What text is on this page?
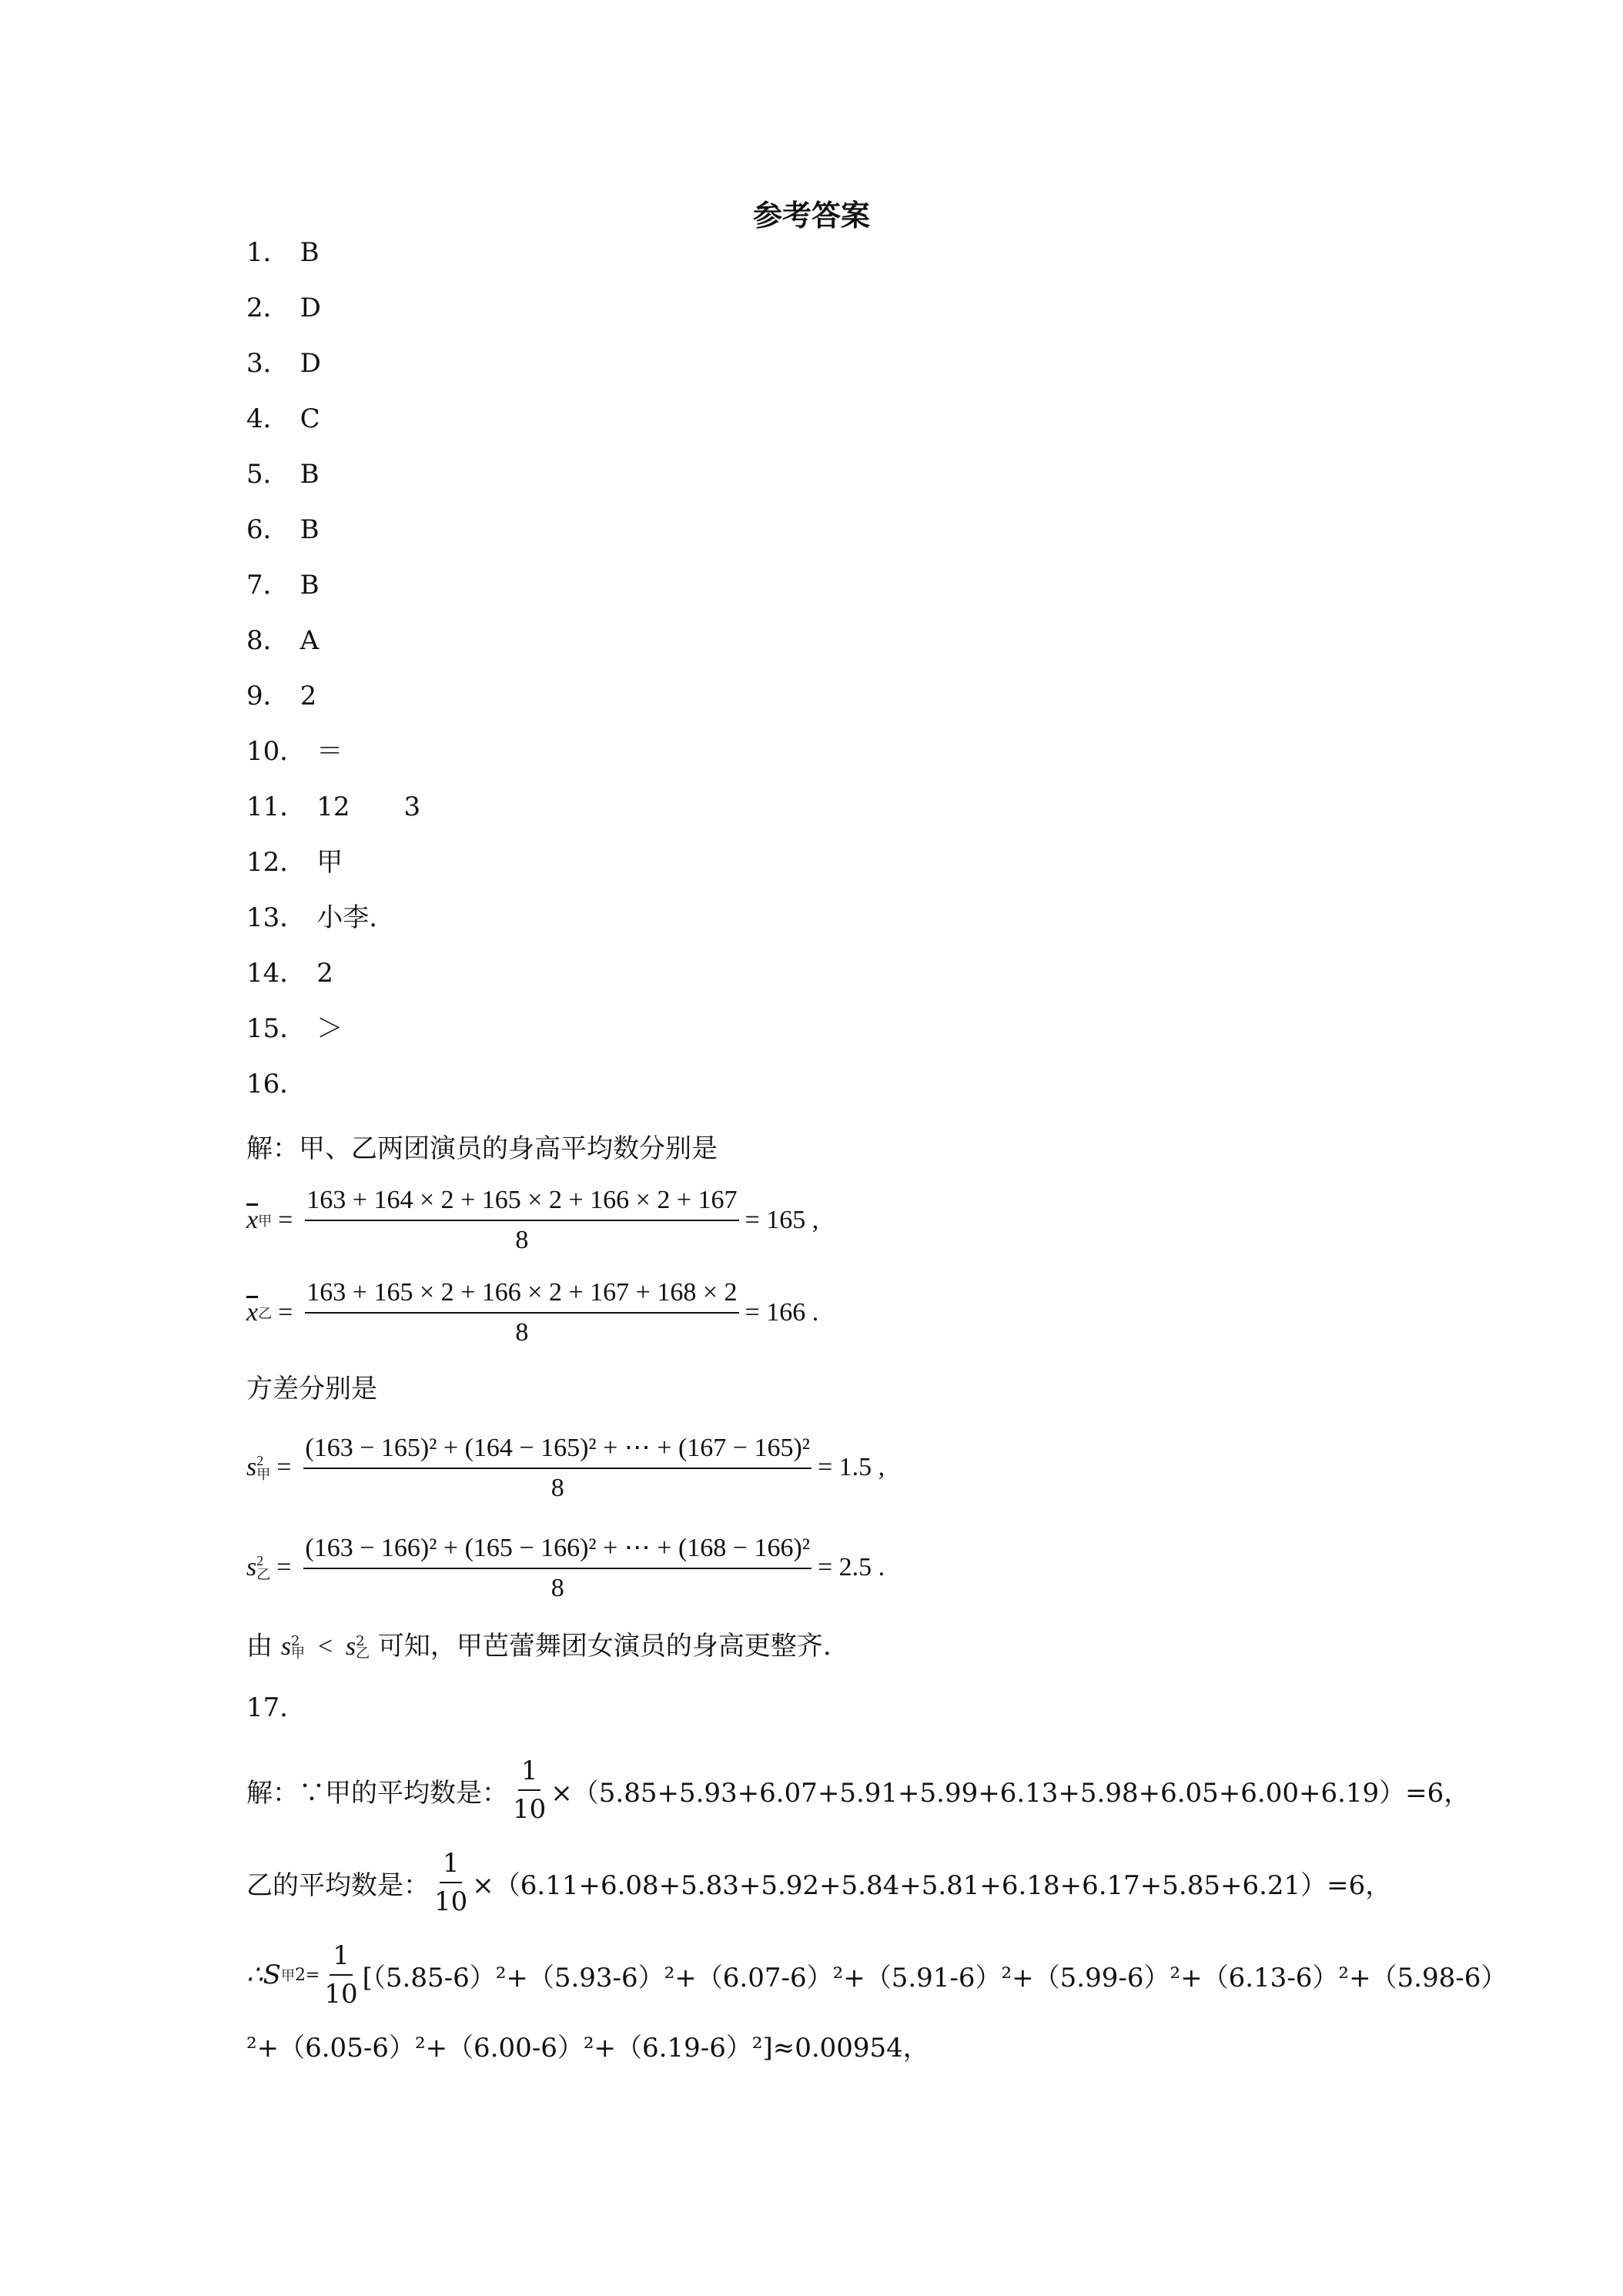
参考答案
1． B
2． D
3． D
4． C
5． B
6． B
7． B
8． A
9． 2
10． ＝
11． 12 3
12． 甲
13． 小李.
14． 2
15． ＞
16．
解：甲、乙两团演员的身高平均数分别是
$\overline{x}$ 甲 = $\frac{163 + 164 \times 2 + 165 \times 2 + 166 \times 2 + 167}{8} = 165$ ,
$\overline{x}$ 乙 = $\frac{163 + 165 \times 2 + 166 \times 2 + 167 + 168 \times 2}{8} = 166$ .
方差分别是
s 2
甲 = $\frac{\text{(163 − 165)² + (164 − 165)² + ⋯ + (167 − 165)²}}{8} = 1.5$ ,
s 2
乙 = $\frac{\text{(163 − 166)² + (165 − 166)² + ⋯ + (168 − 166)²}}{8} = 2.5$ .
由 s 2
甲 < s 2
乙 可知，甲芭蕾舞团女演员的身高更整齐.
17．
解：∵甲的平均数是： $\frac{1}{10} \times(5.85+5.93+6.07+5.91+5.99+6.13+5.98+6.05+6.00+6.19)=6$，
乙的平均数是： $\frac{1}{10} \times(6.11+6.08+5.83+5.92+5.84+5.81+6.18+6.17+5.85+6.21)=6$，
∴S 甲 $2= \frac{1}{10} [(5.85-6)^2+(5.93-6)^2+(6.07-6)^2+(5.91-6)^2+(5.99-6)^2+(6.13-6)^2+(5.98-6)$
²+（6.05-6）²+（6.00-6）²+（6.19-6）²]≈0.00954，
